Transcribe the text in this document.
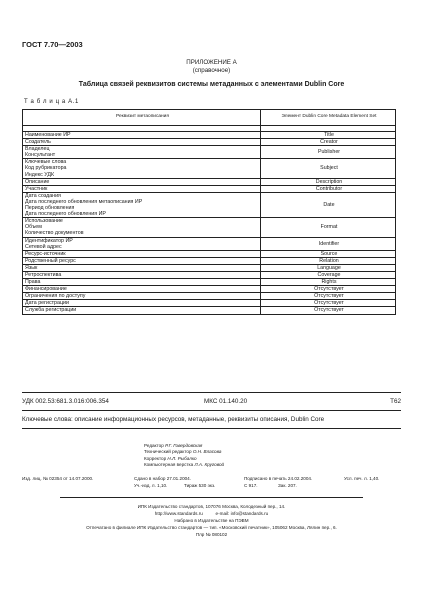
ГОСТ 7.70—2003
ПРИЛОЖЕНИЕ А
(справочное)
Таблица связей реквизитов системы метаданных с элементами Dublin Core
Т а б л и ц а А.1
Реквизит метаописания	Элемент Dublin Core Metadata Element Set

Наименование ИР	Title

Создатель	Creator

Владелец
Консультант	Publisher

Ключевые слова
Код рубрикатора
Индекс УДК	Subject

Описание	Description

Участник	Contributor

Дата создания
Дата последнего обновления метаописания ИР
Период обновления
Дата последнего обновления ИР	Date

Использование
Объем
Количество документов	Format

Идентификатор ИР
Сетевой адрес	Identifier

Ресурс-источник	Source

Родственный ресурс	Relation

Язык	Language

Ретроспектива	Coverage

Права	Rights

Финансирование	Отсутствует

Ограничения по доступу	Отсутствует

Дата регистрации	Отсутствует

Служба регистрации	Отсутствует
УДК 002.53:681.3.016:006.354	МКС 01.140.20	Т62
Ключевые слова: описание информационных ресурсов, метаданные, реквизиты описания, Dublin Core
Редактор Р.Г. Говердовская
Технический редактор О.Н. Власова
Корректор Н.Л. Рыбалко
Компьютерная верстка Л.А. Круговой
Изд. лиц. № 02354 от 14.07.2000.	Сдано в набор 27.01.2004.	Подписано в печать 24.02.2004.	Усл. печ. л. 1,40.
Уч.-изд. л. 1,10.	Тираж 530 экз.	С 917.	Зак. 207.
ИПК Издательство стандартов, 107076 Москва, Колодезный пер., 14.
http://www.standards.ru          e-mail: info@standards.ru
Набрано в Издательстве на ПЭВМ
Отпечатано в филиале ИПК Издательство стандартов — тип. «Московский печатник», 105062 Москва, Лялин пер., 6.
Плр № 080102
